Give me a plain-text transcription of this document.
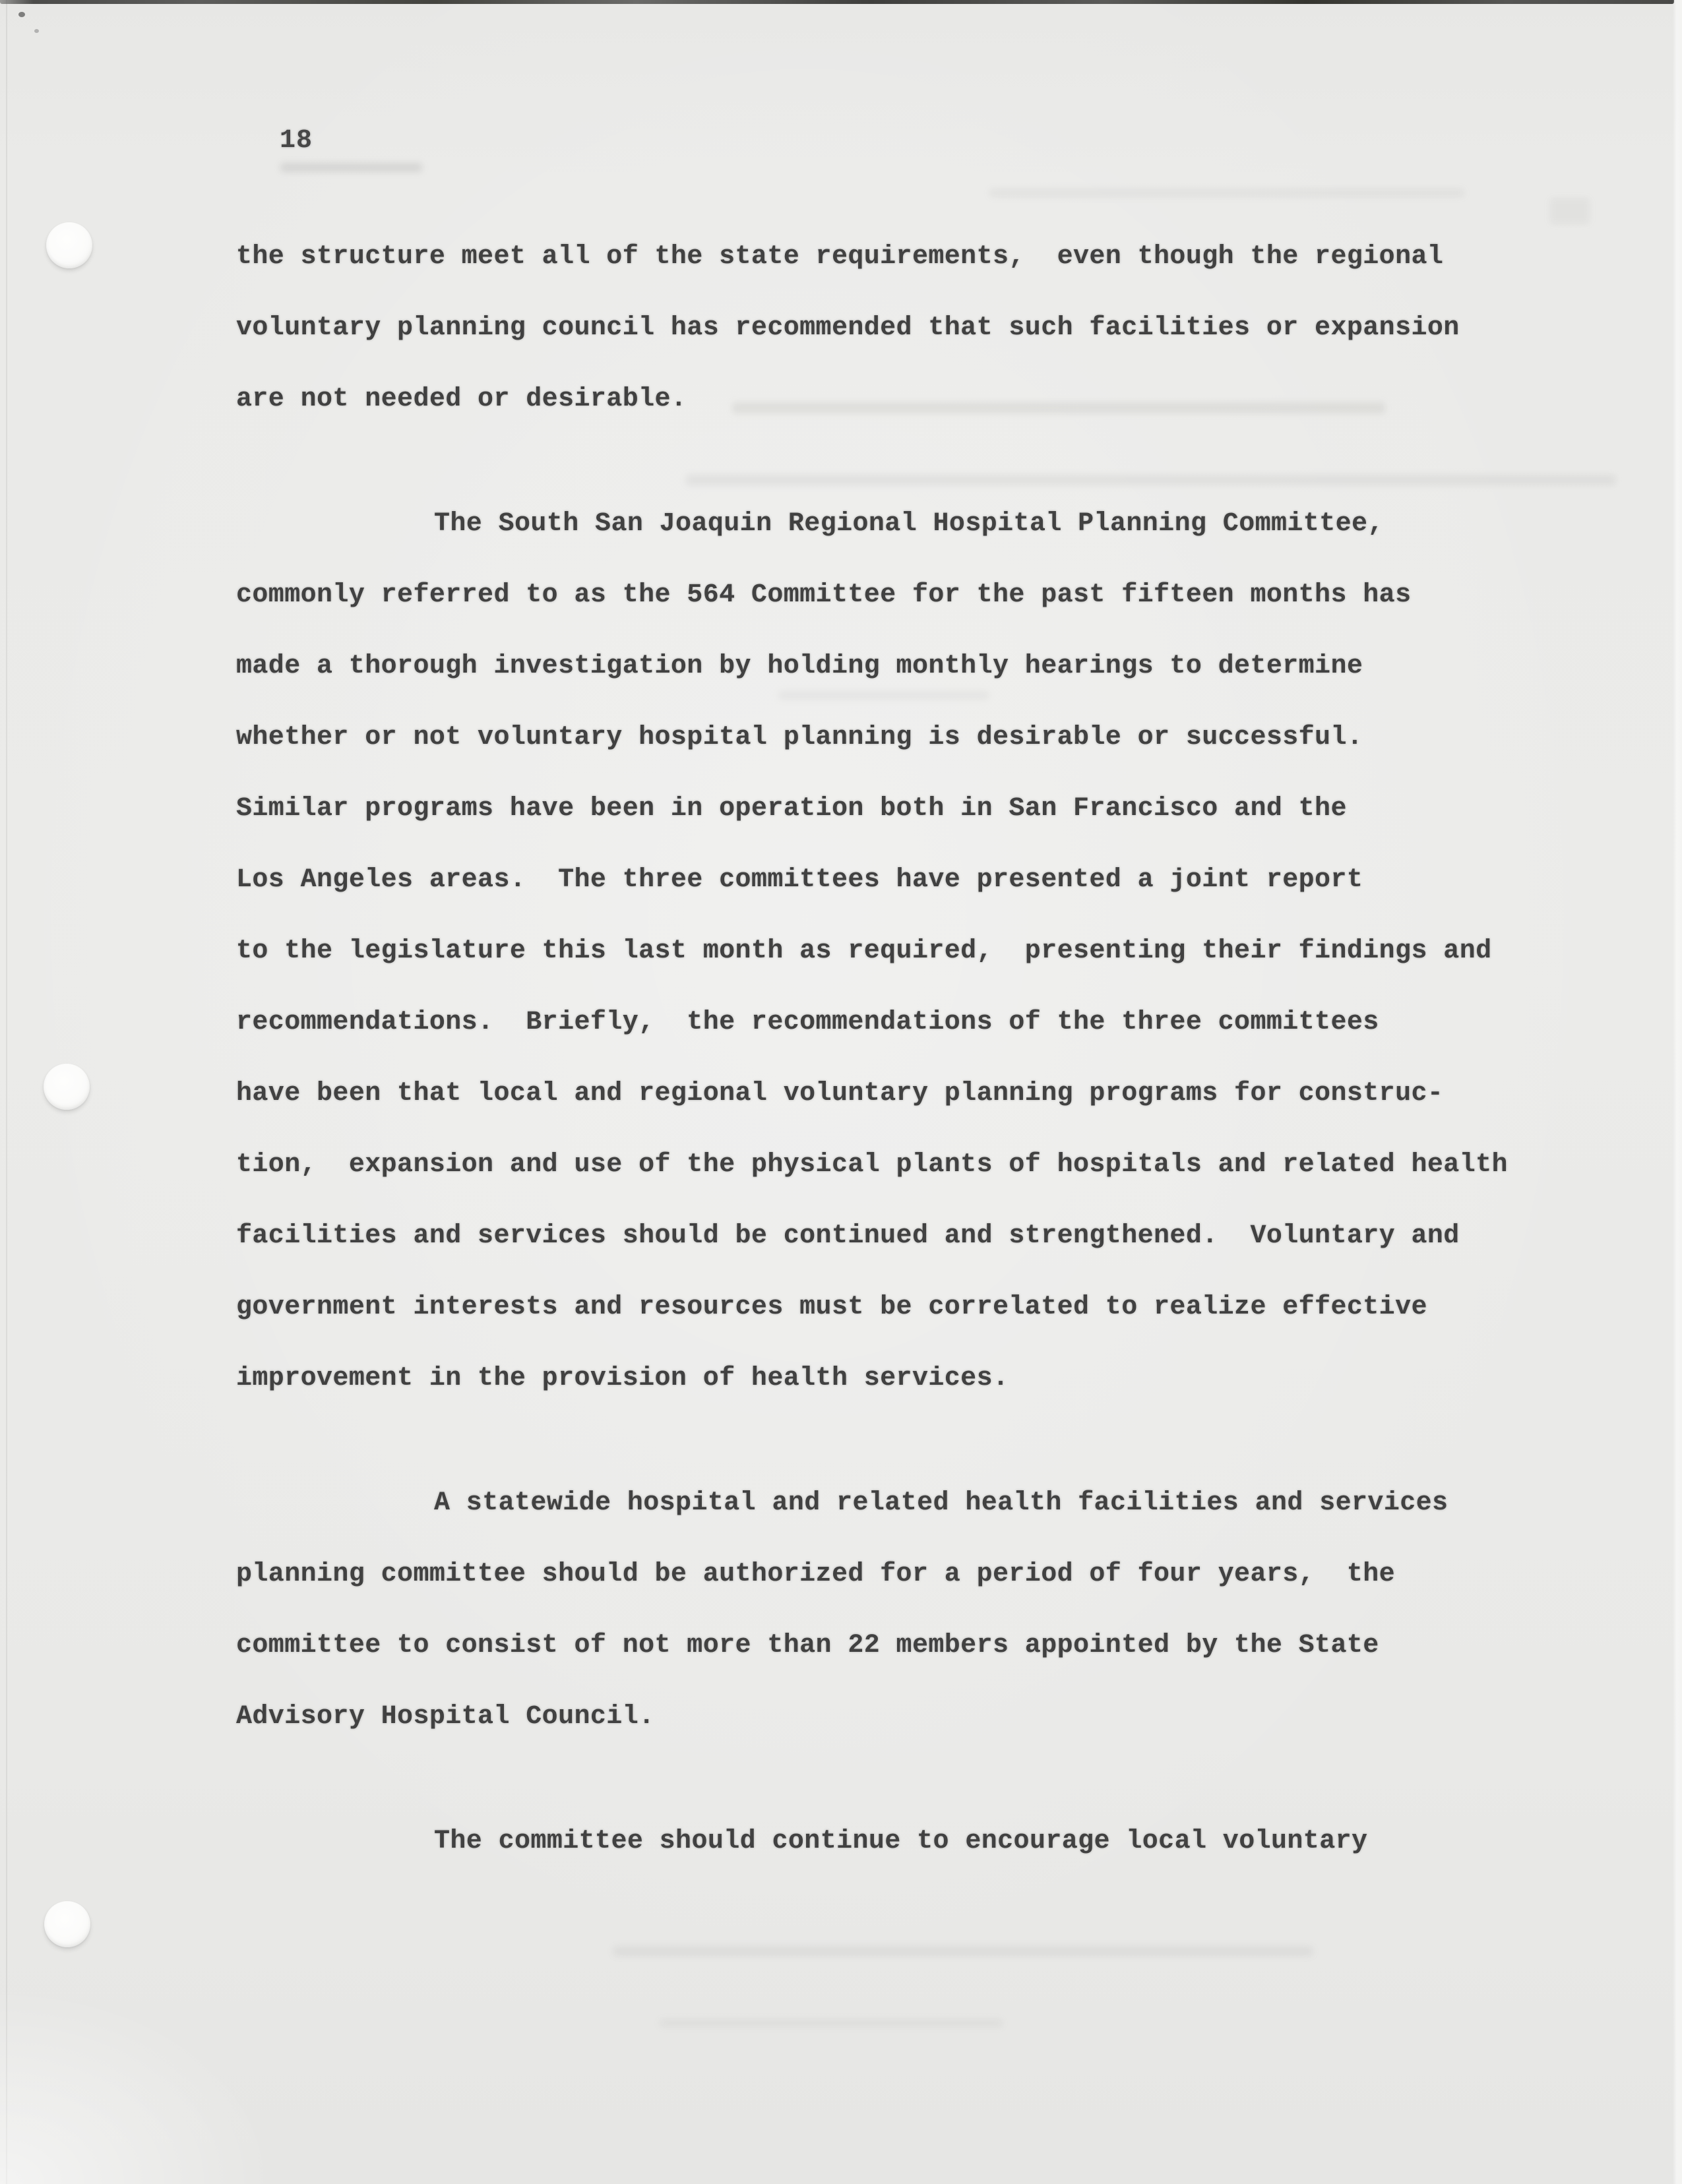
18
the structure meet all of the state requirements,  even though the regional
voluntary planning council has recommended that such facilities or expansion
are not needed or desirable.
The South San Joaquin Regional Hospital Planning Committee,
commonly referred to as the 564 Committee for the past fifteen months has
made a thorough investigation by holding monthly hearings to determine
whether or not voluntary hospital planning is desirable or successful.
Similar programs have been in operation both in San Francisco and the
Los Angeles areas.  The three committees have presented a joint report
to the legislature this last month as required,  presenting their findings and
recommendations.  Briefly,  the recommendations of the three committees
have been that local and regional voluntary planning programs for construc-
tion,  expansion and use of the physical plants of hospitals and related health
facilities and services should be continued and strengthened.  Voluntary and
government interests and resources must be correlated to realize effective
improvement in the provision of health services.
A statewide hospital and related health facilities and services
planning committee should be authorized for a period of four years,  the
committee to consist of not more than 22 members appointed by the State
Advisory Hospital Council.
The committee should continue to encourage local voluntary
